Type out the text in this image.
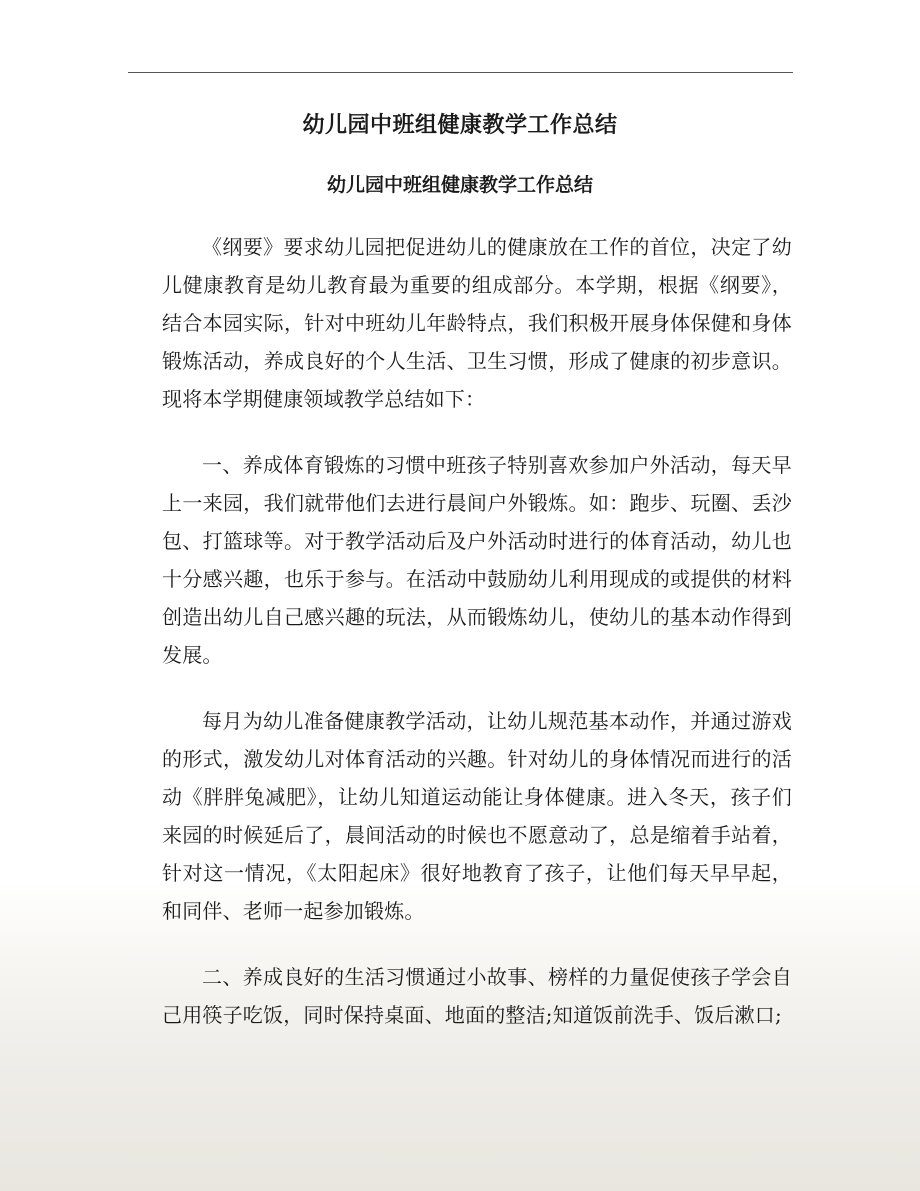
幼儿园中班组健康教学工作总结
幼儿园中班组健康教学工作总结

《纲要》要求幼儿园把促进幼儿的健康放在工作的首位，决定了幼儿健康教育是幼儿教育最为重要的组成部分。本学期，根据《纲要》，结合本园实际，针对中班幼儿年龄特点，我们积极开展身体保健和身体锻炼活动，养成良好的个人生活、卫生习惯，形成了健康的初步意识。现将本学期健康领域教学总结如下：

一、养成体育锻炼的习惯中班孩子特别喜欢参加户外活动，每天早上一来园，我们就带他们去进行晨间户外锻炼。如：跑步、玩圈、丢沙包、打篮球等。对于教学活动后及户外活动时进行的体育活动，幼儿也十分感兴趣，也乐于参与。在活动中鼓励幼儿利用现成的或提供的材料创造出幼儿自己感兴趣的玩法，从而锻炼幼儿，使幼儿的基本动作得到发展。

每月为幼儿准备健康教学活动，让幼儿规范基本动作，并通过游戏的形式，激发幼儿对体育活动的兴趣。针对幼儿的身体情况而进行的活动《胖胖兔减肥》，让幼儿知道运动能让身体健康。进入冬天，孩子们来园的时候延后了，晨间活动的时候也不愿意动了，总是缩着手站着，针对这一情况，《太阳起床》很好地教育了孩子，让他们每天早早起，和同伴、老师一起参加锻炼。

二、养成良好的生活习惯通过小故事、榜样的力量促使孩子学会自己用筷子吃饭，同时保持桌面、地面的整洁;知道饭前洗手、饭后漱口;
